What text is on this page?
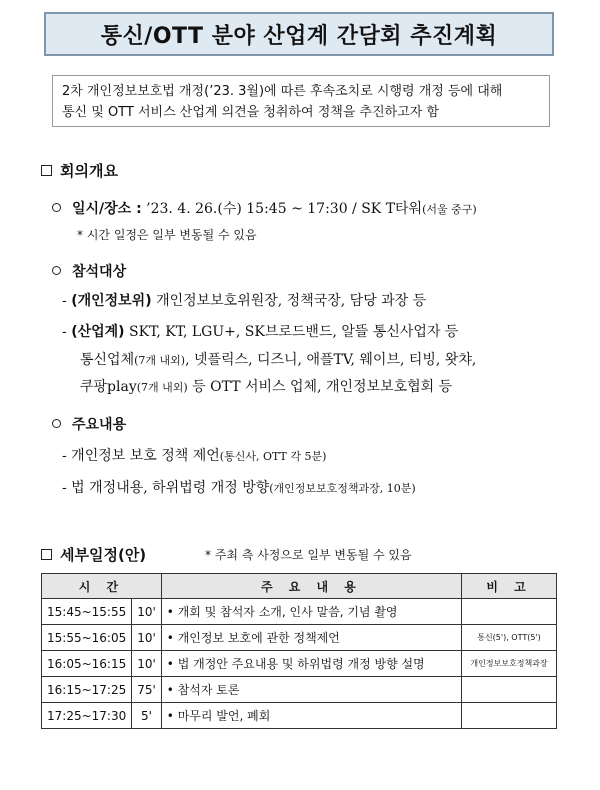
통신/OTT 분야 산업계 간담회 추진계획
2차 개인정보보호법 개정(’23. 3월)에 따른 후속조치로 시행령 개정 등에 대해
통신 및 OTT 서비스 산업계 의견을 청취하여 정책을 추진하고자 함
회의개요
일시/장소 : ’23. 4. 26.(수) 15:45 ~ 17:30 / SK T타워(서울 중구)
* 시간 일정은 일부 변동될 수 있음
참석대상
- (개인정보위) 개인정보보호위원장, 정책국장, 담당 과장 등
- (산업계) SKT, KT, LGU+, SK브로드밴드, 알뜰 통신사업자 등
통신업체(7개 내외), 넷플릭스, 디즈니, 애플TV, 웨이브, 티빙, 왓챠,
쿠팡play(7개 내외) 등 OTT 서비스 업체, 개인정보보호협회 등
주요내용
- 개인정보 보호 정책 제언(통신사, OTT 각 5분)
- 법 개정내용, 하위법령 개정 방향(개인정보보호정책과장, 10분)
세부일정(안)	* 주최 측 사정으로 일부 변동될 수 있음
시 간		주 요 내 용	비 고
15:45~15:55	10'	• 개회 및 참석자 소개, 인사 말씀, 기념 촬영	
15:55~16:05	10'	• 개인정보 보호에 관한 정책제언	통신(5'), OTT(5')
16:05~16:15	10'	• 법 개정안 주요내용 및 하위법령 개정 방향 설명	개인정보보호정책과장
16:15~17:25	75'	• 참석자 토론	
17:25~17:30	5'	• 마무리 발언, 폐회	
